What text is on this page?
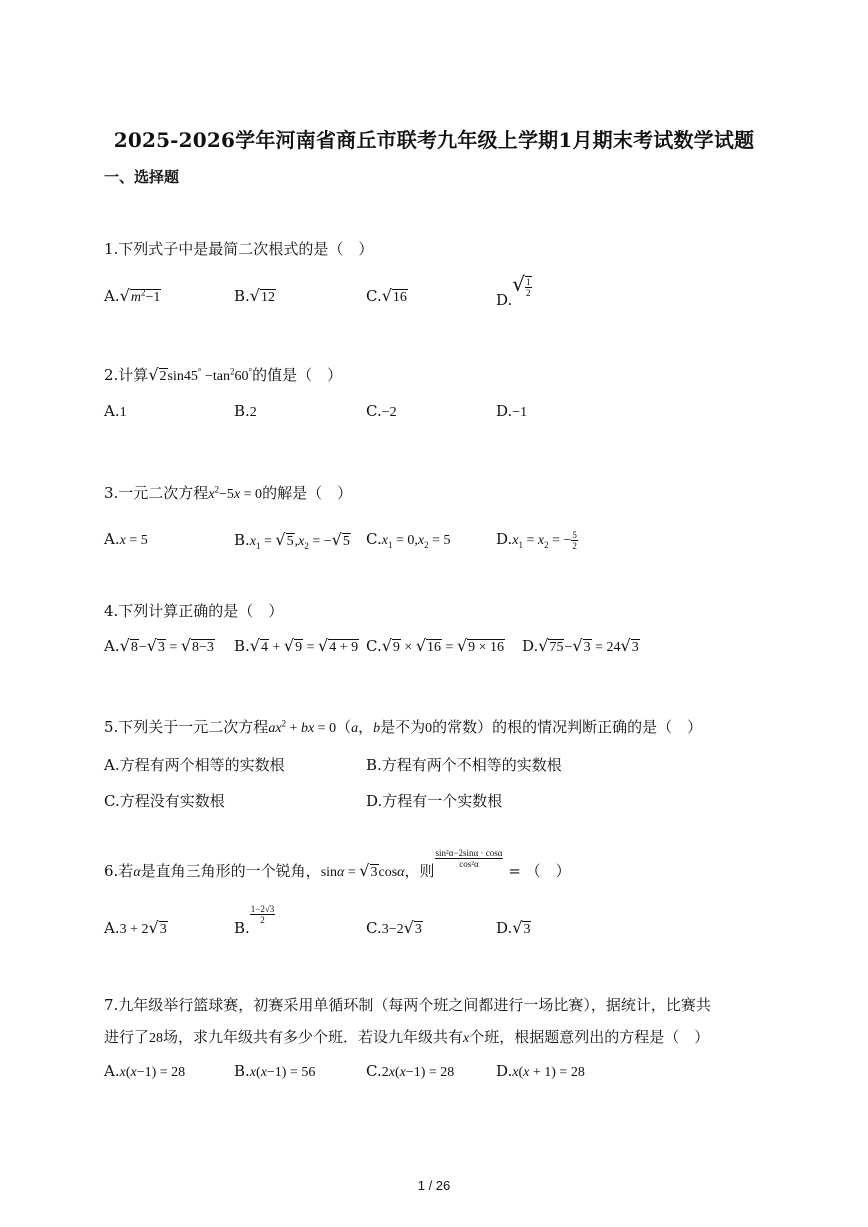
2025-2026学年河南省商丘市联考九年级上学期1月期末考试数学试题
一、选择题
1.下列式子中是最简二次根式的是（　）
$A.√m^2-1$	B.√12	C.√16	$D.√ \frac{1}{2}$
2.计算$√2\sin 45^\circ -\tan^260^\circ$的值是（　）
A.1	B.2	C.−2	D.−1
3.一元二次方程$x^2-5x = 0$的解是（　）
A.x = 5	$B.x_1 = √5,x_2 = -√5$ $C.x_1 = 0,x_2 = 5$	$D.x_1 = x_2$ = − $\frac{5}{2}$
4.下列计算正确的是（　）
A.√8−√3 = √8−3 B.√4 + √9 = √4 + 9 C.√9 × √16 = √9 × 16 D.√75−√3 = 24√3
5.下列关于一元二次方程$ax^2$ + bx = 0（a，b是不为0的常数）的根的情况判断正确的是（　）
A.方程有两个相等的实数根	B.方程有两个不相等的实数根
C.方程没有实数根	D.方程有一个实数根
6.若α是直角三角形的一个锐角，sinα = √3cosα，则
$\frac{\text{sin²α−2sinα · cosα}}{\text{cos²α}}$
= （　）
A.3 + 2√3	B.
$\frac{1-2√3}{2}$
C.3−2√3	D.√3
7.九年级举行篮球赛，初赛采用单循环制（每两个班之间都进行一场比赛），据统计，比赛共
进行了28场，求九年级共有多少个班．若设九年级共有x个班，根据题意列出的方程是（　）
A.x(x−1) = 28	B.x(x−1) = 56	C.2x(x−1) = 28	D.x(x + 1) = 28
1 / 26
